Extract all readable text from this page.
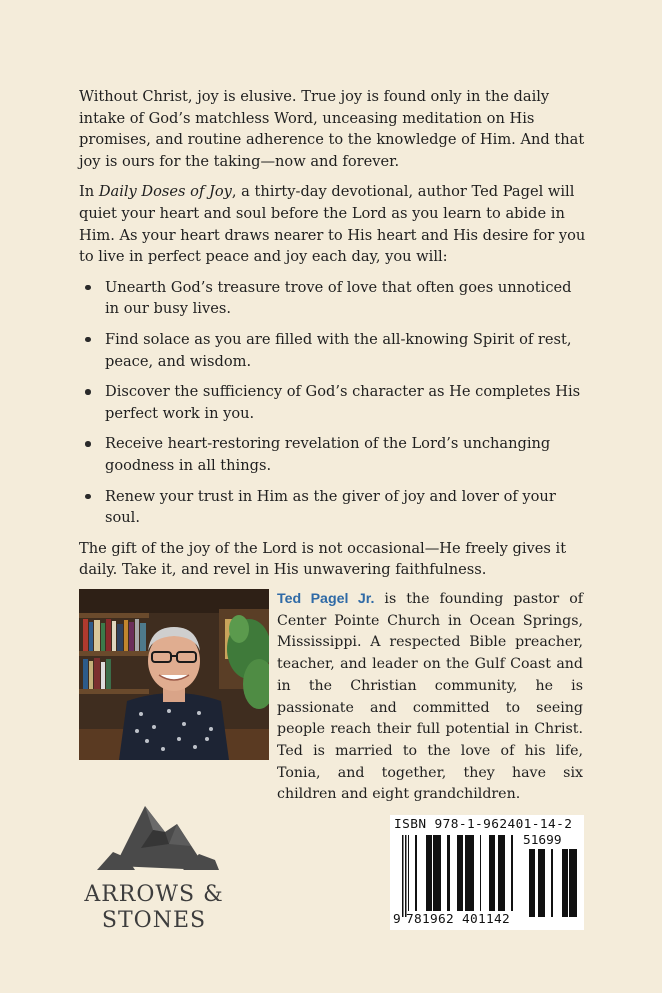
Without Christ, joy is elusive. True joy is found only in the daily intake of God’s matchless Word, unceasing meditation on His promises, and routine adherence to the knowledge of Him. And that joy is ours for the taking—now and forever.

In Daily Doses of Joy, a thirty-day devotional, author Ted Pagel will quiet your heart and soul before the Lord as you learn to abide in Him. As your heart draws nearer to His heart and His desire for you to live in perfect peace and joy each day, you will:

Unearth God’s treasure trove of love that often goes unnoticed in our busy lives.
Find solace as you are filled with the all-knowing Spirit of rest, peace, and wisdom.
Discover the sufficiency of God’s character as He completes His perfect work in you.
Receive heart-restoring revelation of the Lord’s unchanging goodness in all things.
Renew your trust in Him as the giver of joy and lover of your soul.

The gift of the joy of the Lord is not occasional—He freely gives it daily. Take it, and revel in His unwavering faithfulness.

Ted Pagel Jr. is the founding pastor of Center Pointe Church in Ocean Springs, Mississippi. A respected Bible preacher, teacher, and leader on the Gulf Coast and in the Christian community, he is passionate and committed to seeing people reach their full potential in Christ. Ted is married to the love of his life, Tonia, and together, they have six children and eight grandchildren.
ARROWS &
STONES
ISBN 978-1-962401-14-2
51699
9 781962 401142
